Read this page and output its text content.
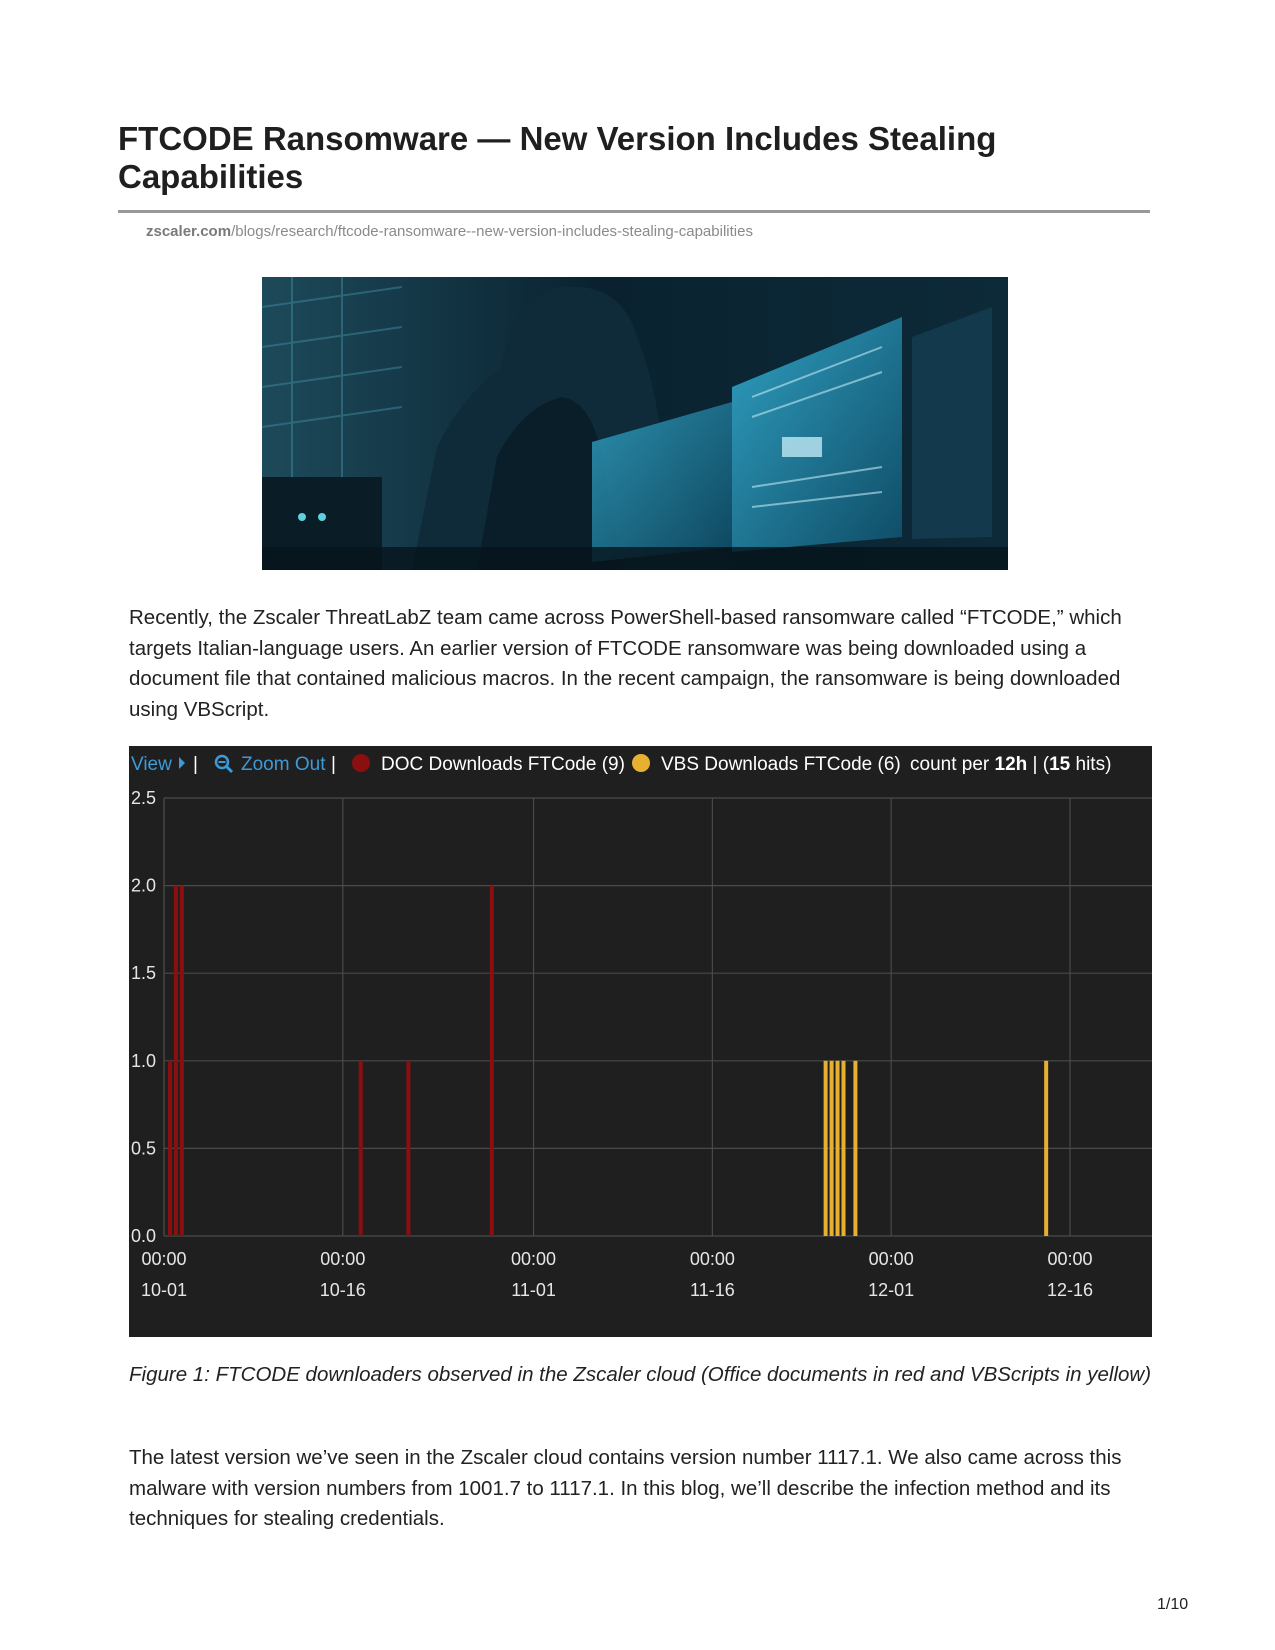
FTCODE Ransomware — New Version Includes Stealing Capabilities
zscaler.com/blogs/research/ftcode-ransomware--new-version-includes-stealing-capabilities
Recently, the Zscaler ThreatLabZ team came across PowerShell-based ransomware called “FTCODE,” which targets Italian-language users. An earlier version of FTCODE ransomware was being downloaded using a document file that contained malicious macros. In the recent campaign, the ransomware is being downloaded using VBScript.
0.0
0.5
1.0
1.5
2.0
2.5
00:00
10-01
00:00
10-16
00:00
11-01
00:00
11-16
00:00
12-01
00:00
12-16
View | Zoom Out | DOC Downloads FTCode (9) VBS Downloads FTCode (6) count per 12h | (15 hits)
Figure 1: FTCODE downloaders observed in the Zscaler cloud (Office documents in red and VBScripts in yellow)
The latest version we’ve seen in the Zscaler cloud contains version number 1117.1. We also came across this malware with version numbers from 1001.7 to 1117.1. In this blog, we’ll describe the infection method and its techniques for stealing credentials.
1/10
